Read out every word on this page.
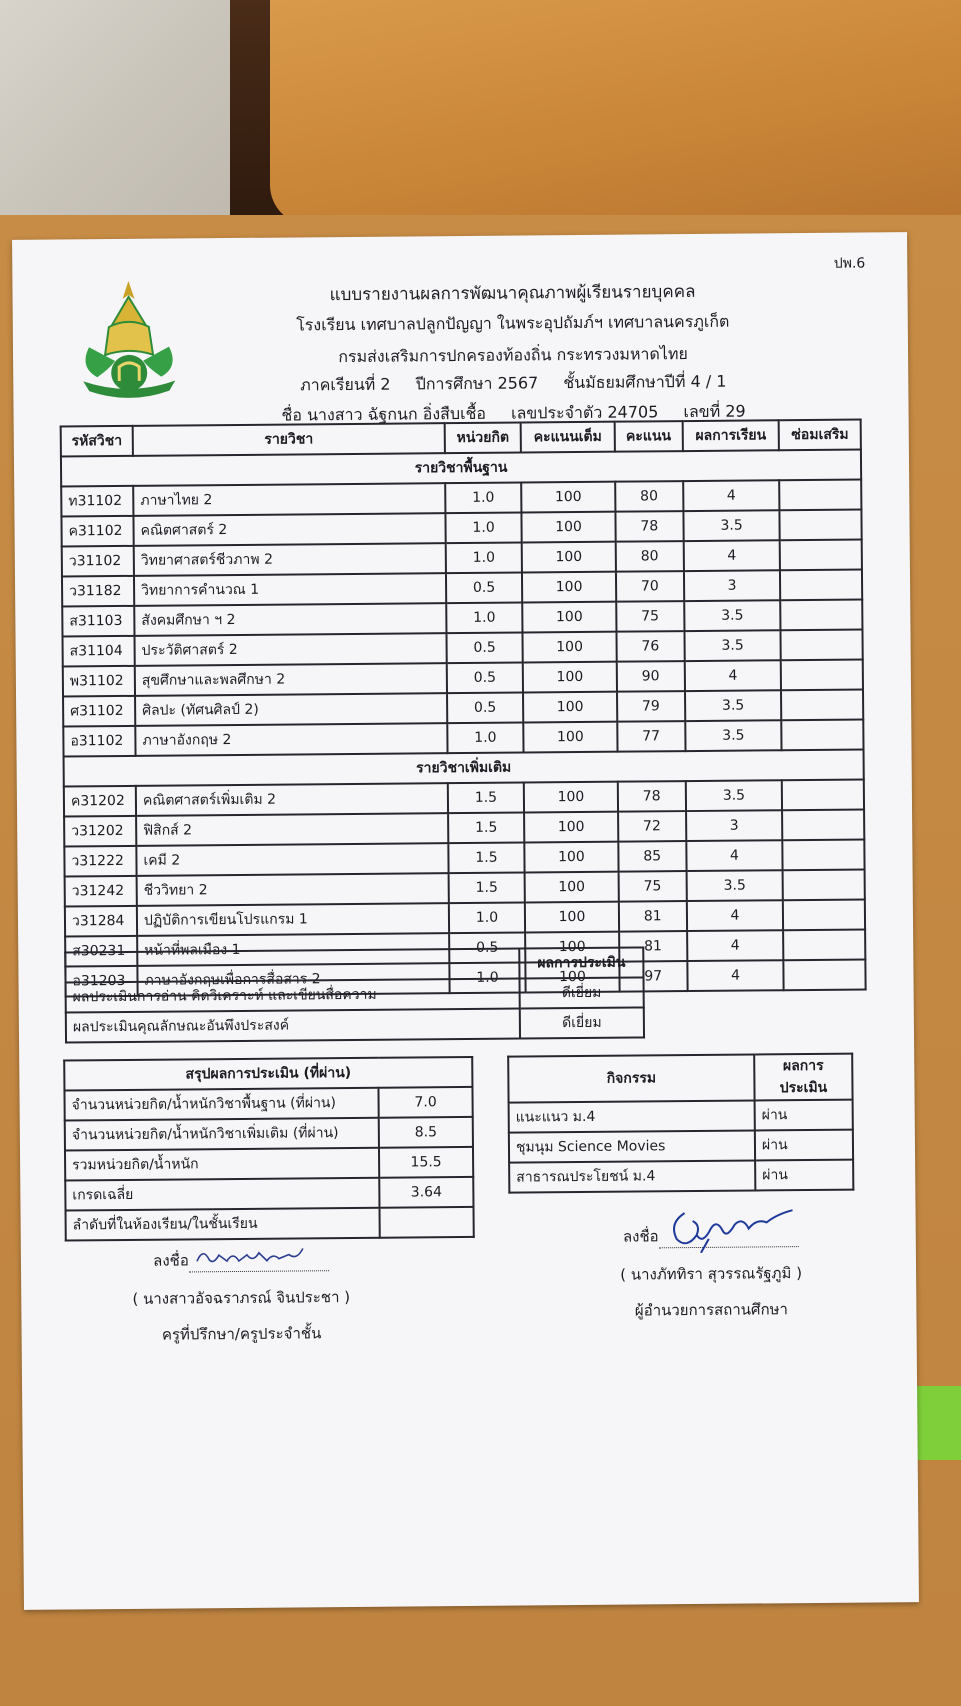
ปพ.6
แบบรายงานผลการพัฒนาคุณภาพผู้เรียนรายบุคคล
โรงเรียน เทศบาลปลูกปัญญา ในพระอุปถัมภ์ฯ เทศบาลนครภูเก็ต
กรมส่งเสริมการปกครองท้องถิ่น กระทรวงมหาดไทย
ภาคเรียนที่ 2 ปีการศึกษา 2567 ชั้นมัธยมศึกษาปีที่ 4 / 1
ชื่อ นางสาว ฉัฐกนก อิ่งสืบเชื้อ เลขประจำตัว 24705 เลขที่ 29
รหัสวิชา	รายวิชา	หน่วยกิต	คะแนนเต็ม	คะแนน	ผลการเรียน	ซ่อมเสริม
รายวิชาพื้นฐาน						
ท31102	ภาษาไทย 2	1.0	100	80	4	
ค31102	คณิตศาสตร์ 2	1.0	100	78	3.5	
ว31102	วิทยาศาสตร์ชีวภาพ 2	1.0	100	80	4	
ว31182	วิทยาการคำนวณ 1	0.5	100	70	3	
ส31103	สังคมศึกษา ฯ 2	1.0	100	75	3.5	
ส31104	ประวัติศาสตร์ 2	0.5	100	76	3.5	
พ31102	สุขศึกษาและพลศึกษา 2	0.5	100	90	4	
ศ31102	ศิลปะ (ทัศนศิลป์ 2)	0.5	100	79	3.5	
อ31102	ภาษาอังกฤษ 2	1.0	100	77	3.5	
รายวิชาเพิ่มเติม						
ค31202	คณิตศาสตร์เพิ่มเติม 2	1.5	100	78	3.5	
ว31202	ฟิสิกส์ 2	1.5	100	72	3	
ว31222	เคมี 2	1.5	100	85	4	
ว31242	ชีววิทยา 2	1.5	100	75	3.5	
ว31284	ปฏิบัติการเขียนโปรแกรม 1	1.0	100	81	4	
ส30231	หน้าที่พลเมือง 1	0.5	100	81	4	
อ31203	ภาษาอังกฤษเพื่อการสื่อสาร 2	1.0	100	97	4	
	ผลการประเมิน
ผลประเมินการอ่าน คิดวิเคราะห์ และเขียนสื่อความ	ดีเยี่ยม
ผลประเมินคุณลักษณะอันพึงประสงค์	ดีเยี่ยม
สรุปผลการประเมิน (ที่ผ่าน)	
จำนวนหน่วยกิต/น้ำหนักวิชาพื้นฐาน (ที่ผ่าน)	7.0
จำนวนหน่วยกิต/น้ำหนักวิชาเพิ่มเติม (ที่ผ่าน)	8.5
รวมหน่วยกิต/น้ำหนัก	15.5
เกรดเฉลี่ย	3.64
ลำดับที่ในห้องเรียน/ในชั้นเรียน	
กิจกรรม	ผลการประเมิน
แนะแนว ม.4	ผ่าน
ชุมนุม Science Movies	ผ่าน
สาธารณประโยชน์ ม.4	ผ่าน
ลงชื่อ
( นางสาวอัจฉราภรณ์ จินประชา )
ครูที่ปรึกษา/ครูประจำชั้น
ลงชื่อ
( นางภัททิรา สุวรรณรัฐภูมิ )
ผู้อำนวยการสถานศึกษา
